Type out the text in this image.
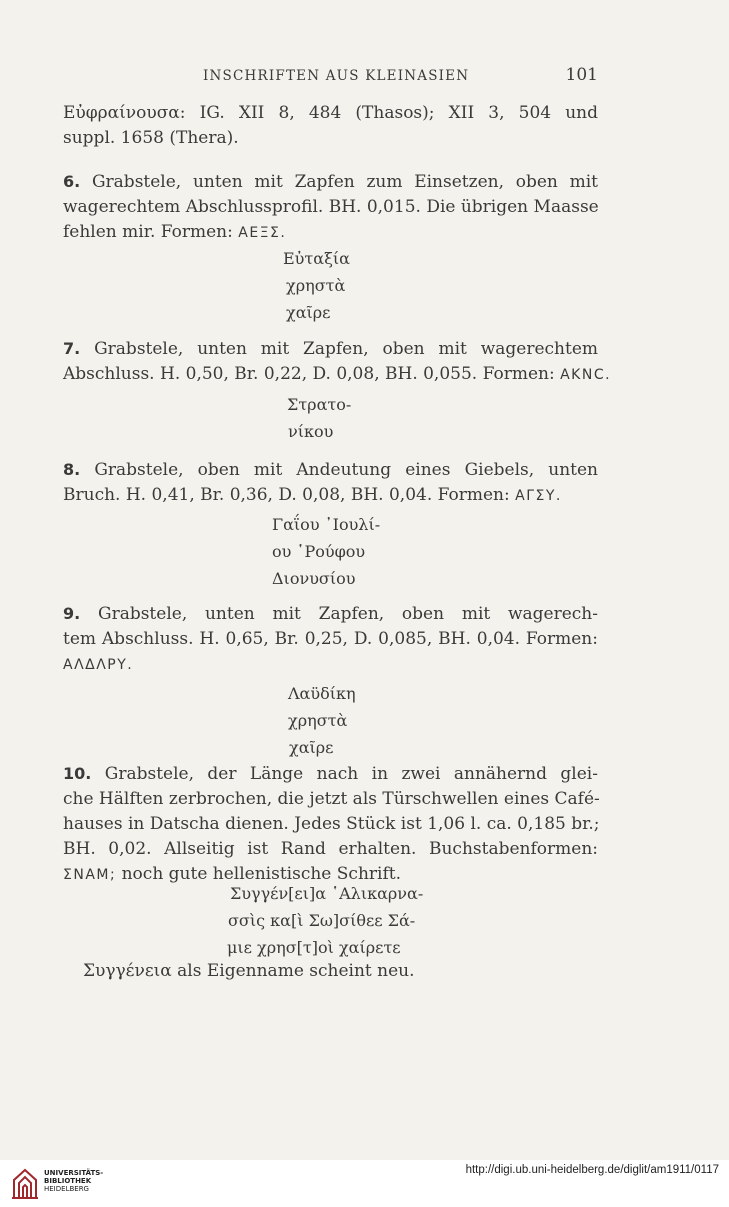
INSCHRIFTEN AUS KLEINASIEN	101
Εὐφραίνουσα: IG. XII 8, 484 (Thasos); XII 3, 504 und
suppl. 1658 (Thera).
6. Grabstele, unten mit Zapfen zum Einsetzen, oben mit
wagerechtem Abschlussprofil. BH. 0,015. Die übrigen Maasse
fehlen mir. Formen: ΑΕΞΣ.
Εὐταξία
χρηστὰ
χαῖρε
7. Grabstele, unten mit Zapfen, oben mit wagerechtem
Abschluss. H. 0,50, Br. 0,22, D. 0,08, BH. 0,055. Formen: ΑΚΝC.
Στρατο-
νίκου
8. Grabstele, oben mit Andeutung eines Giebels, unten
Bruch. H. 0,41, Br. 0,36, D. 0,08, BH. 0,04. Formen: ΑΓΣΥ.
Γαΐου ᾿Ιουλί-
ου ῾Ρούφου
Διονυσίου
9. Grabstele, unten mit Zapfen, oben mit wagerech-
tem Abschluss. H. 0,65, Br. 0,25, D. 0,085, BH. 0,04. Formen:
ΑΛΔΛΡΥ.
Λαϋδίκη
χρηστὰ
χαῖρε
10. Grabstele, der Länge nach in zwei annähernd glei-
che Hälften zerbrochen, die jetzt als Türschwellen eines Café-
hauses in Datscha dienen. Jedes Stück ist 1,06 l. ca. 0,185 br.;
BH. 0,02. Allseitig ist Rand erhalten. Buchstabenformen:
ΣΝΑΜ; noch gute hellenistische Schrift.
Συγγέν[ει]α ῾Αλικαρνα-
σσὶς κα[ὶ Σω]σίθεε Σά-
μιε χρησ[τ]οὶ χαίρετε
Συγγένεια als Eigenname scheint neu.
UNIVERSITÄTS-
BIBLIOTHEK
HEIDELBERG
http://digi.ub.uni-heidelberg.de/diglit/am1911/0117
